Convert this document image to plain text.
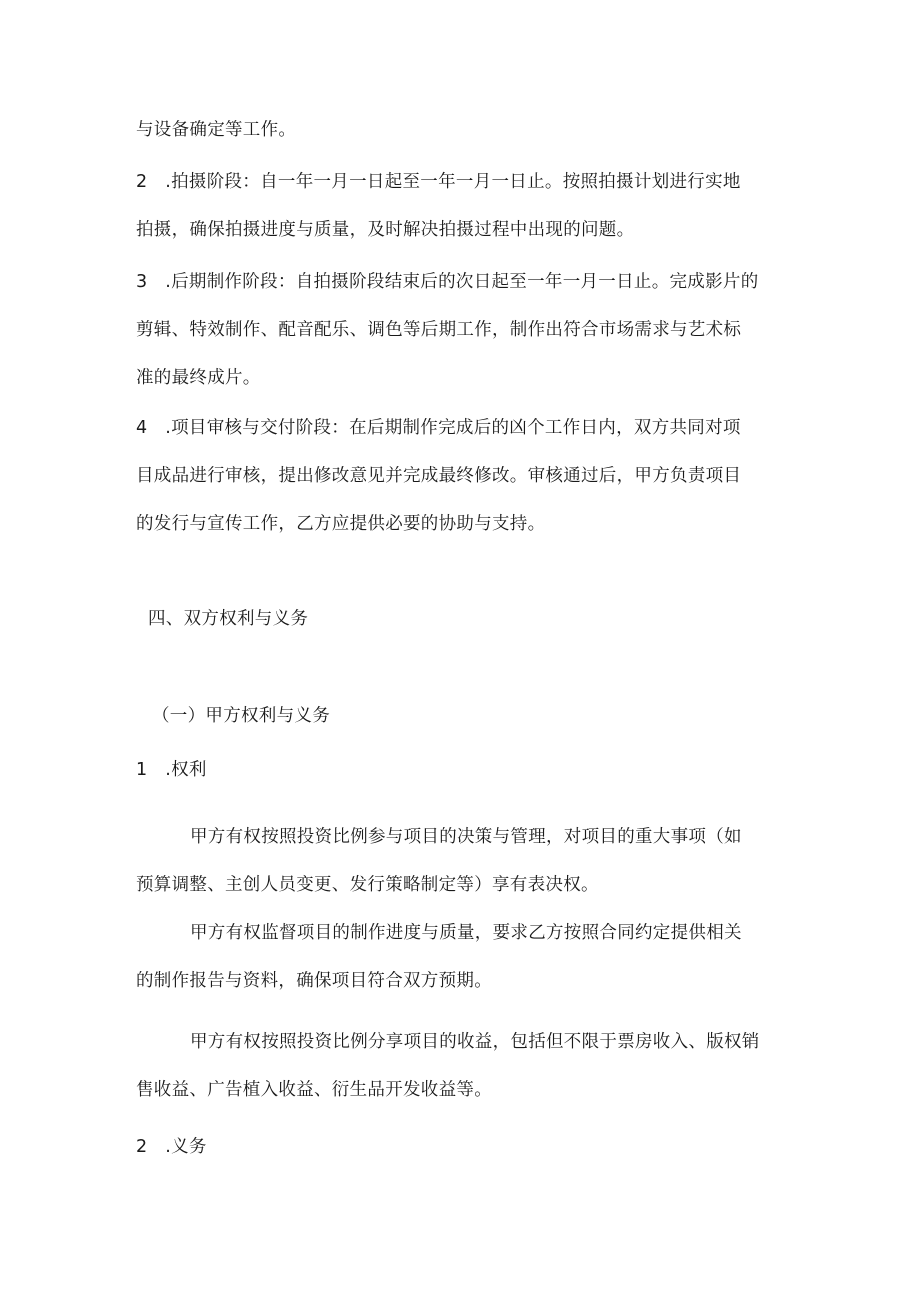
与设备确定等工作。
2　.拍摄阶段：自一年一月一日起至一年一月一日止。按照拍摄计划进行实地
拍摄，确保拍摄进度与质量，及时解决拍摄过程中出现的问题。
3　.后期制作阶段：自拍摄阶段结束后的次日起至一年一月一日止。完成影片的
剪辑、特效制作、配音配乐、调色等后期工作，制作出符合市场需求与艺术标
准的最终成片。
4　.项目审核与交付阶段：在后期制作完成后的凶个工作日内，双方共同对项
目成品进行审核，提出修改意见并完成最终修改。审核通过后，甲方负责项目
的发行与宣传工作，乙方应提供必要的协助与支持。
四、双方权利与义务
（一）甲方权利与义务
1　.权利
甲方有权按照投资比例参与项目的决策与管理，对项目的重大事项（如
预算调整、主创人员变更、发行策略制定等）享有表决权。
甲方有权监督项目的制作进度与质量，要求乙方按照合同约定提供相关
的制作报告与资料，确保项目符合双方预期。
甲方有权按照投资比例分享项目的收益，包括但不限于票房收入、版权销
售收益、广告植入收益、衍生品开发收益等。
2　.义务
